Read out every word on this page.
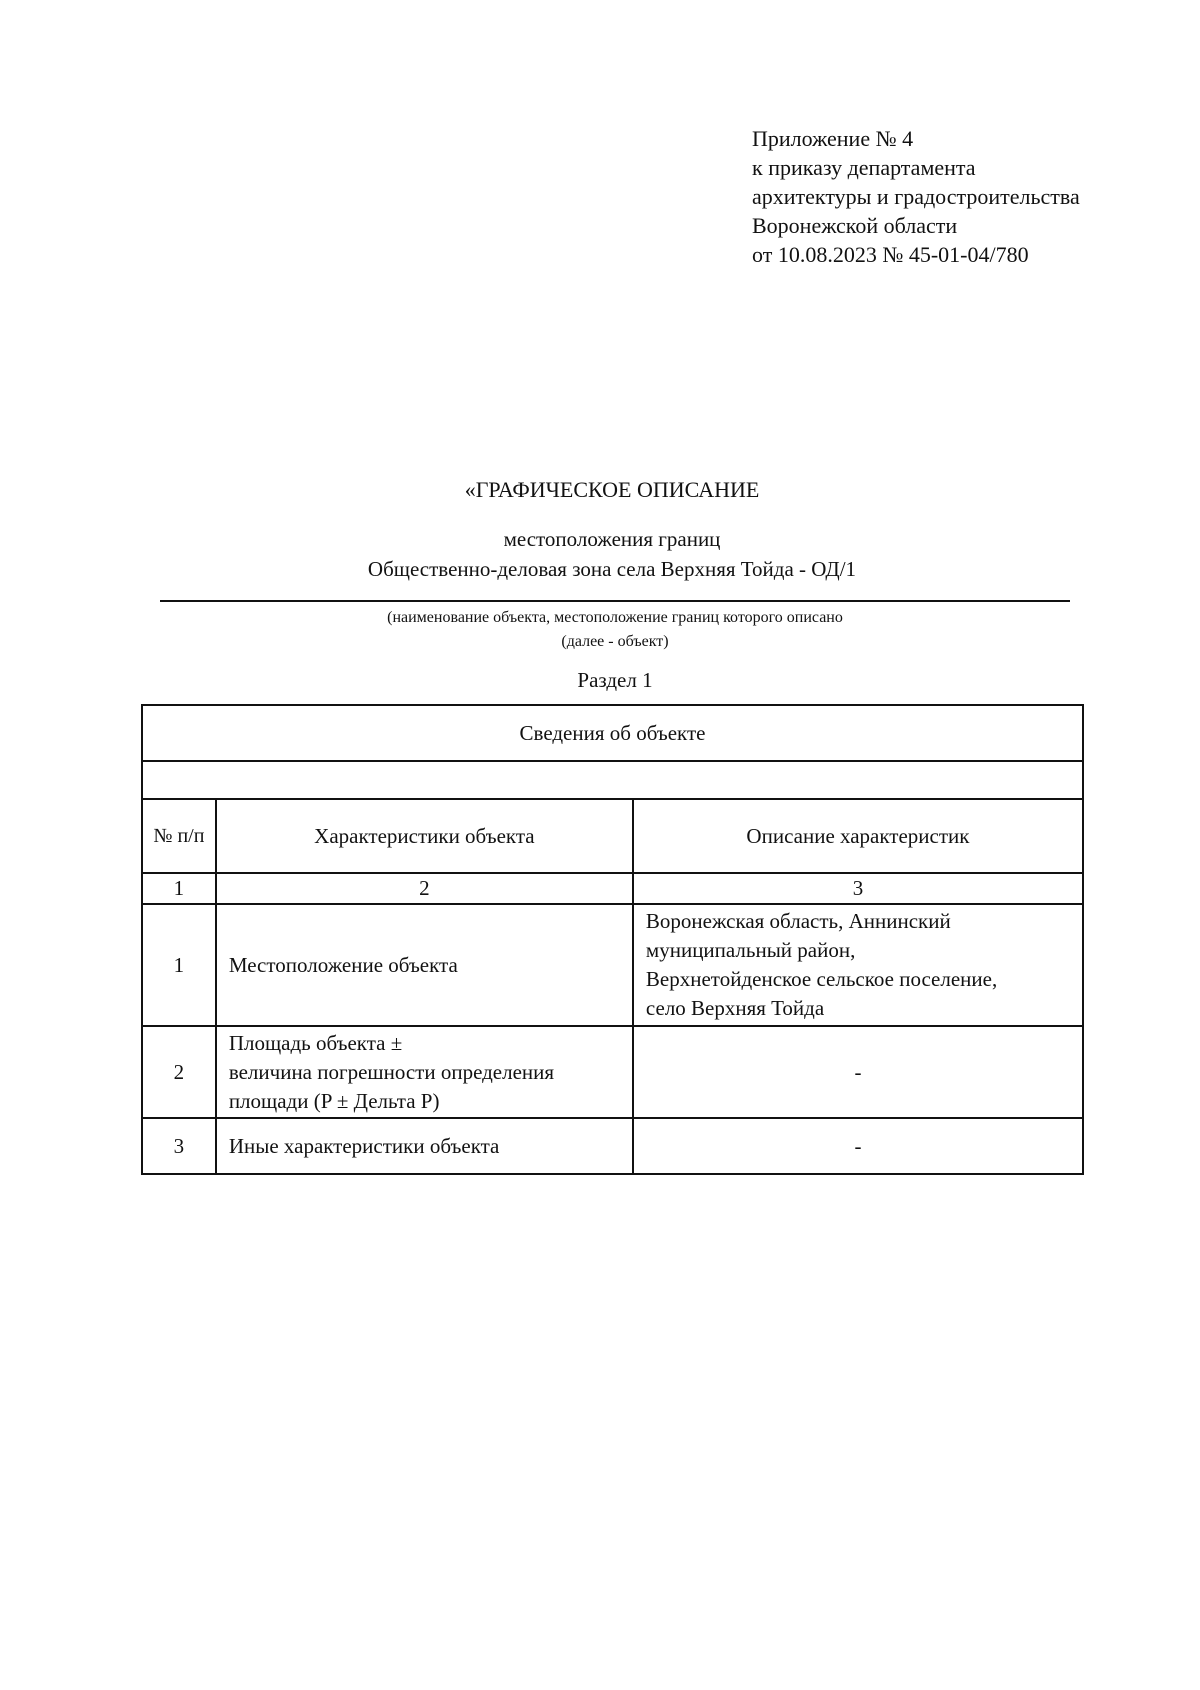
Приложение № 4
к приказу департамента
архитектуры и градостроительства
Воронежской области
от 10.08.2023 № 45-01-04/780
«ГРАФИЧЕСКОЕ ОПИСАНИЕ
местоположения границ
Общественно-деловая зона села Верхняя Тойда - ОД/1
(наименование объекта, местоположение границ которого описано
(далее - объект)
Раздел 1
Сведения об объекте		

№ п/п	Характеристики объекта	Описание характеристик
1	2	3
1	Местоположение объекта	Воронежская область, Аннинский
муниципальный район,
Верхнетойденское сельское поселение,
село Верхняя Тойда

2	Площадь объекта ±
величина погрешности определения
площади (P ± Дельта P)	-
3	Иные характеристики объекта	-
